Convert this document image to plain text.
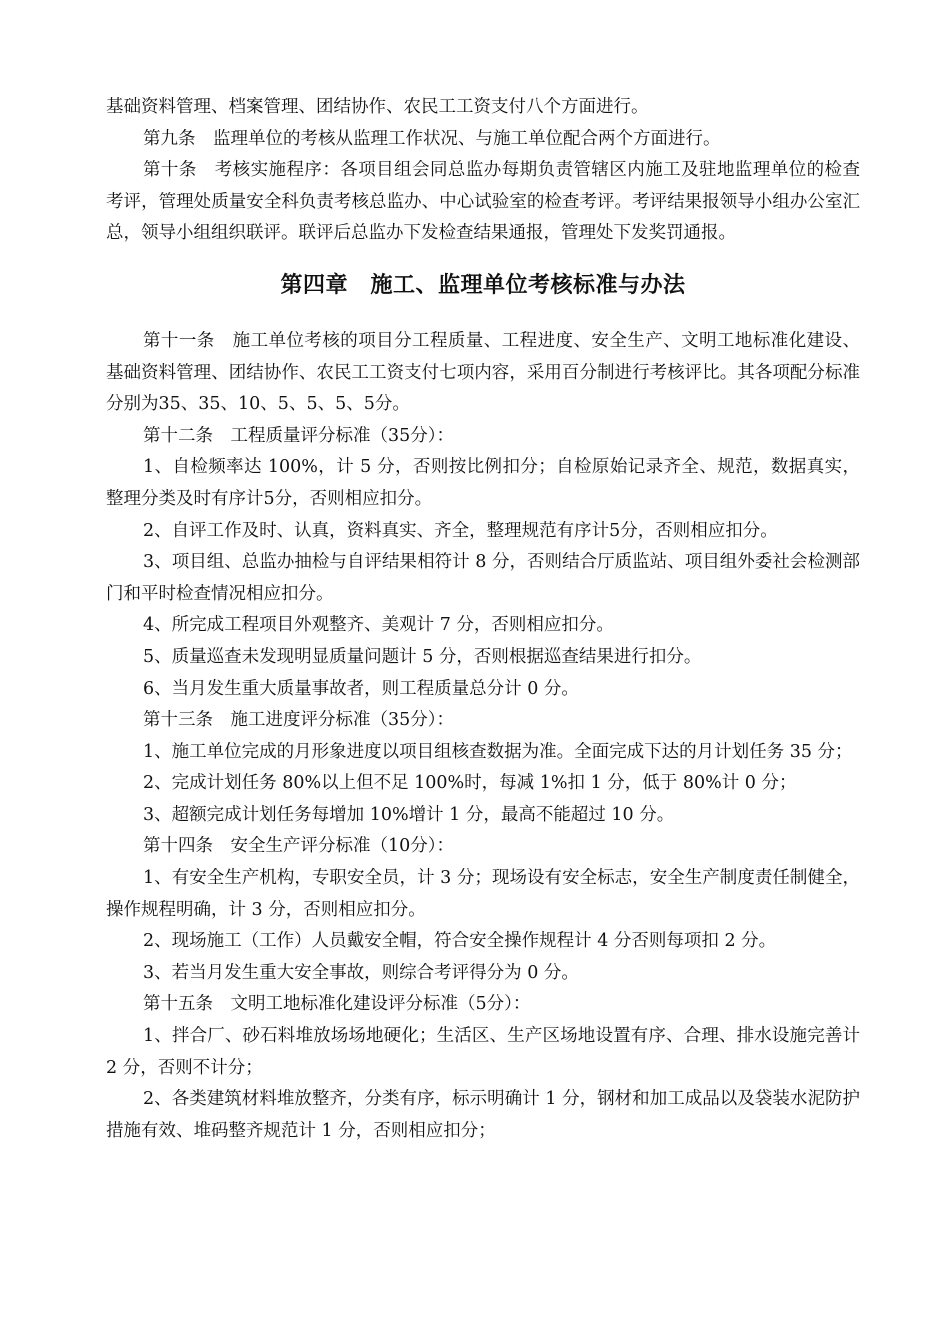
基础资料管理、档案管理、团结协作、农民工工资支付八个方面进行。

第九条　监理单位的考核从监理工作状况、与施工单位配合两个方面进行。

第十条　考核实施程序：各项目组会同总监办每期负责管辖区内施工及驻地监理单位的检查考评，管理处质量安全科负责考核总监办、中心试验室的检查考评。考评结果报领导小组办公室汇总，领导小组组织联评。联评后总监办下发检查结果通报，管理处下发奖罚通报。

第四章　施工、监理单位考核标准与办法

第十一条　施工单位考核的项目分工程质量、工程进度、安全生产、文明工地标准化建设、基础资料管理、团结协作、农民工工资支付七项内容，采用百分制进行考核评比。其各项配分标准分别为35、35、10、5、5、5、5分。

第十二条　工程质量评分标准（35分）：

1、自检频率达 100%，计 5 分，否则按比例扣分；自检原始记录齐全、规范，数据真实，整理分类及时有序计5分，否则相应扣分。

2、自评工作及时、认真，资料真实、齐全，整理规范有序计5分，否则相应扣分。

3、项目组、总监办抽检与自评结果相符计 8 分，否则结合厅质监站、项目组外委社会检测部门和平时检查情况相应扣分。

4、所完成工程项目外观整齐、美观计 7 分，否则相应扣分。

5、质量巡查未发现明显质量问题计 5 分，否则根据巡查结果进行扣分。

6、当月发生重大质量事故者，则工程质量总分计 0 分。

第十三条　施工进度评分标准（35分）：

1、施工单位完成的月形象进度以项目组核查数据为准。全面完成下达的月计划任务 35 分；

2、完成计划任务 80%以上但不足 100%时，每减 1%扣 1 分，低于 80%计 0 分；

3、超额完成计划任务每增加 10%增计 1 分，最高不能超过 10 分。

第十四条　安全生产评分标准（10分）：

1、有安全生产机构，专职安全员，计 3 分；现场设有安全标志，安全生产制度责任制健全，操作规程明确，计 3 分，否则相应扣分。

2、现场施工（工作）人员戴安全帽，符合安全操作规程计 4 分否则每项扣 2 分。

3、若当月发生重大安全事故，则综合考评得分为 0 分。

第十五条　文明工地标准化建设评分标准（5分）：

1、拌合厂、砂石料堆放场场地硬化；生活区、生产区场地设置有序、合理、排水设施完善计 2 分，否则不计分；

2、各类建筑材料堆放整齐，分类有序，标示明确计 1 分，钢材和加工成品以及袋装水泥防护措施有效、堆码整齐规范计 1 分，否则相应扣分；
